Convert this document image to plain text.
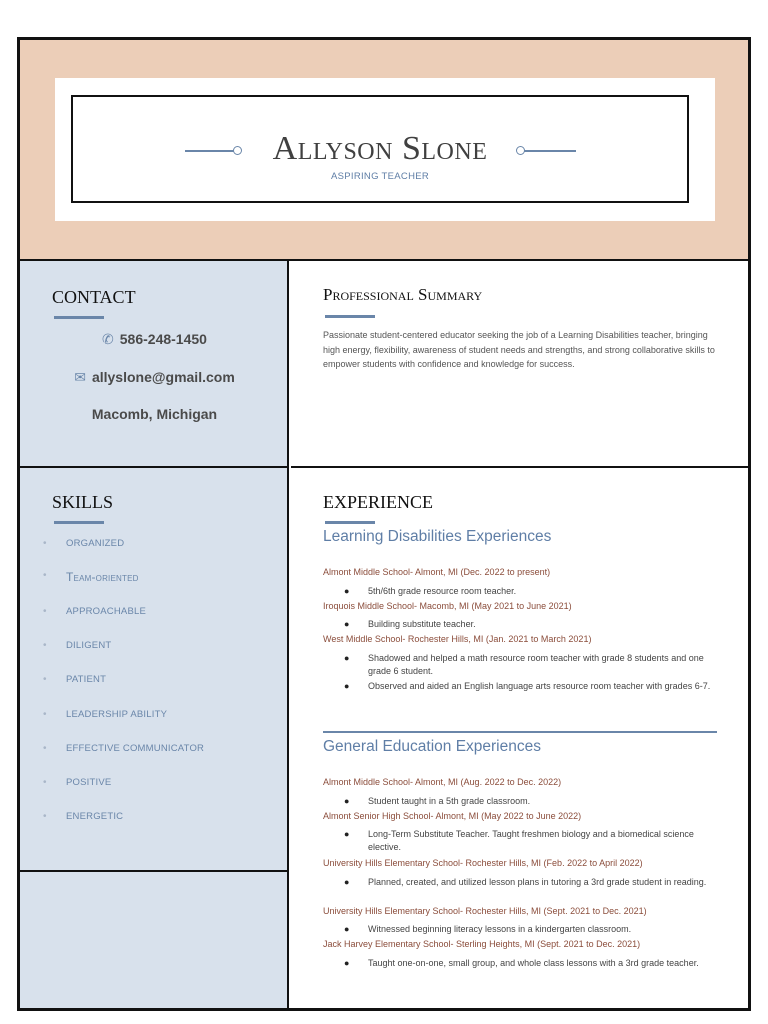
Allyson Slone
ASPIRING TEACHER
CONTACT
✆ 586-248-1450
✉ allyslone@gmail.com
Macomb, Michigan
SKILLS
• ORGANIZED
• Team-oriented
• APPROACHABLE
• DILIGENT
• PATIENT
• LEADERSHIP ABILITY
• EFFECTIVE COMMUNICATOR
• POSITIVE
• ENERGETIC
Professional Summary
Passionate student-centered educator seeking the job of a Learning Disabilities teacher, bringing high energy, flexibility, awareness of student needs and strengths, and strong collaborative skills to empower students with confidence and knowledge for success.
EXPERIENCE
Learning Disabilities Experiences
Almont Middle School- Almont, MI (Dec. 2022 to present)
● 5th/6th grade resource room teacher.
Iroquois Middle School- Macomb, MI (May 2021 to June 2021)
● Building substitute teacher.
West Middle School- Rochester Hills, MI (Jan. 2021 to March 2021)
● Shadowed and helped a math resource room teacher with grade 8 students and one grade 6 student.
● Observed and aided an English language arts resource room teacher with grades 6-7.
General Education Experiences
Almont Middle School- Almont, MI (Aug. 2022 to Dec. 2022)
● Student taught in a 5th grade classroom.
Almont Senior High School- Almont, MI (May 2022 to June 2022)
● Long-Term Substitute Teacher. Taught freshmen biology and a biomedical science elective.
University Hills Elementary School- Rochester Hills, MI (Feb. 2022 to April 2022)
● Planned, created, and utilized lesson plans in tutoring a 3rd grade student in reading.
University Hills Elementary School- Rochester Hills, MI (Sept. 2021 to Dec. 2021)
● Witnessed beginning literacy lessons in a kindergarten classroom.
Jack Harvey Elementary School- Sterling Heights, MI (Sept. 2021 to Dec. 2021)
● Taught one-on-one, small group, and whole class lessons with a 3rd grade teacher.
